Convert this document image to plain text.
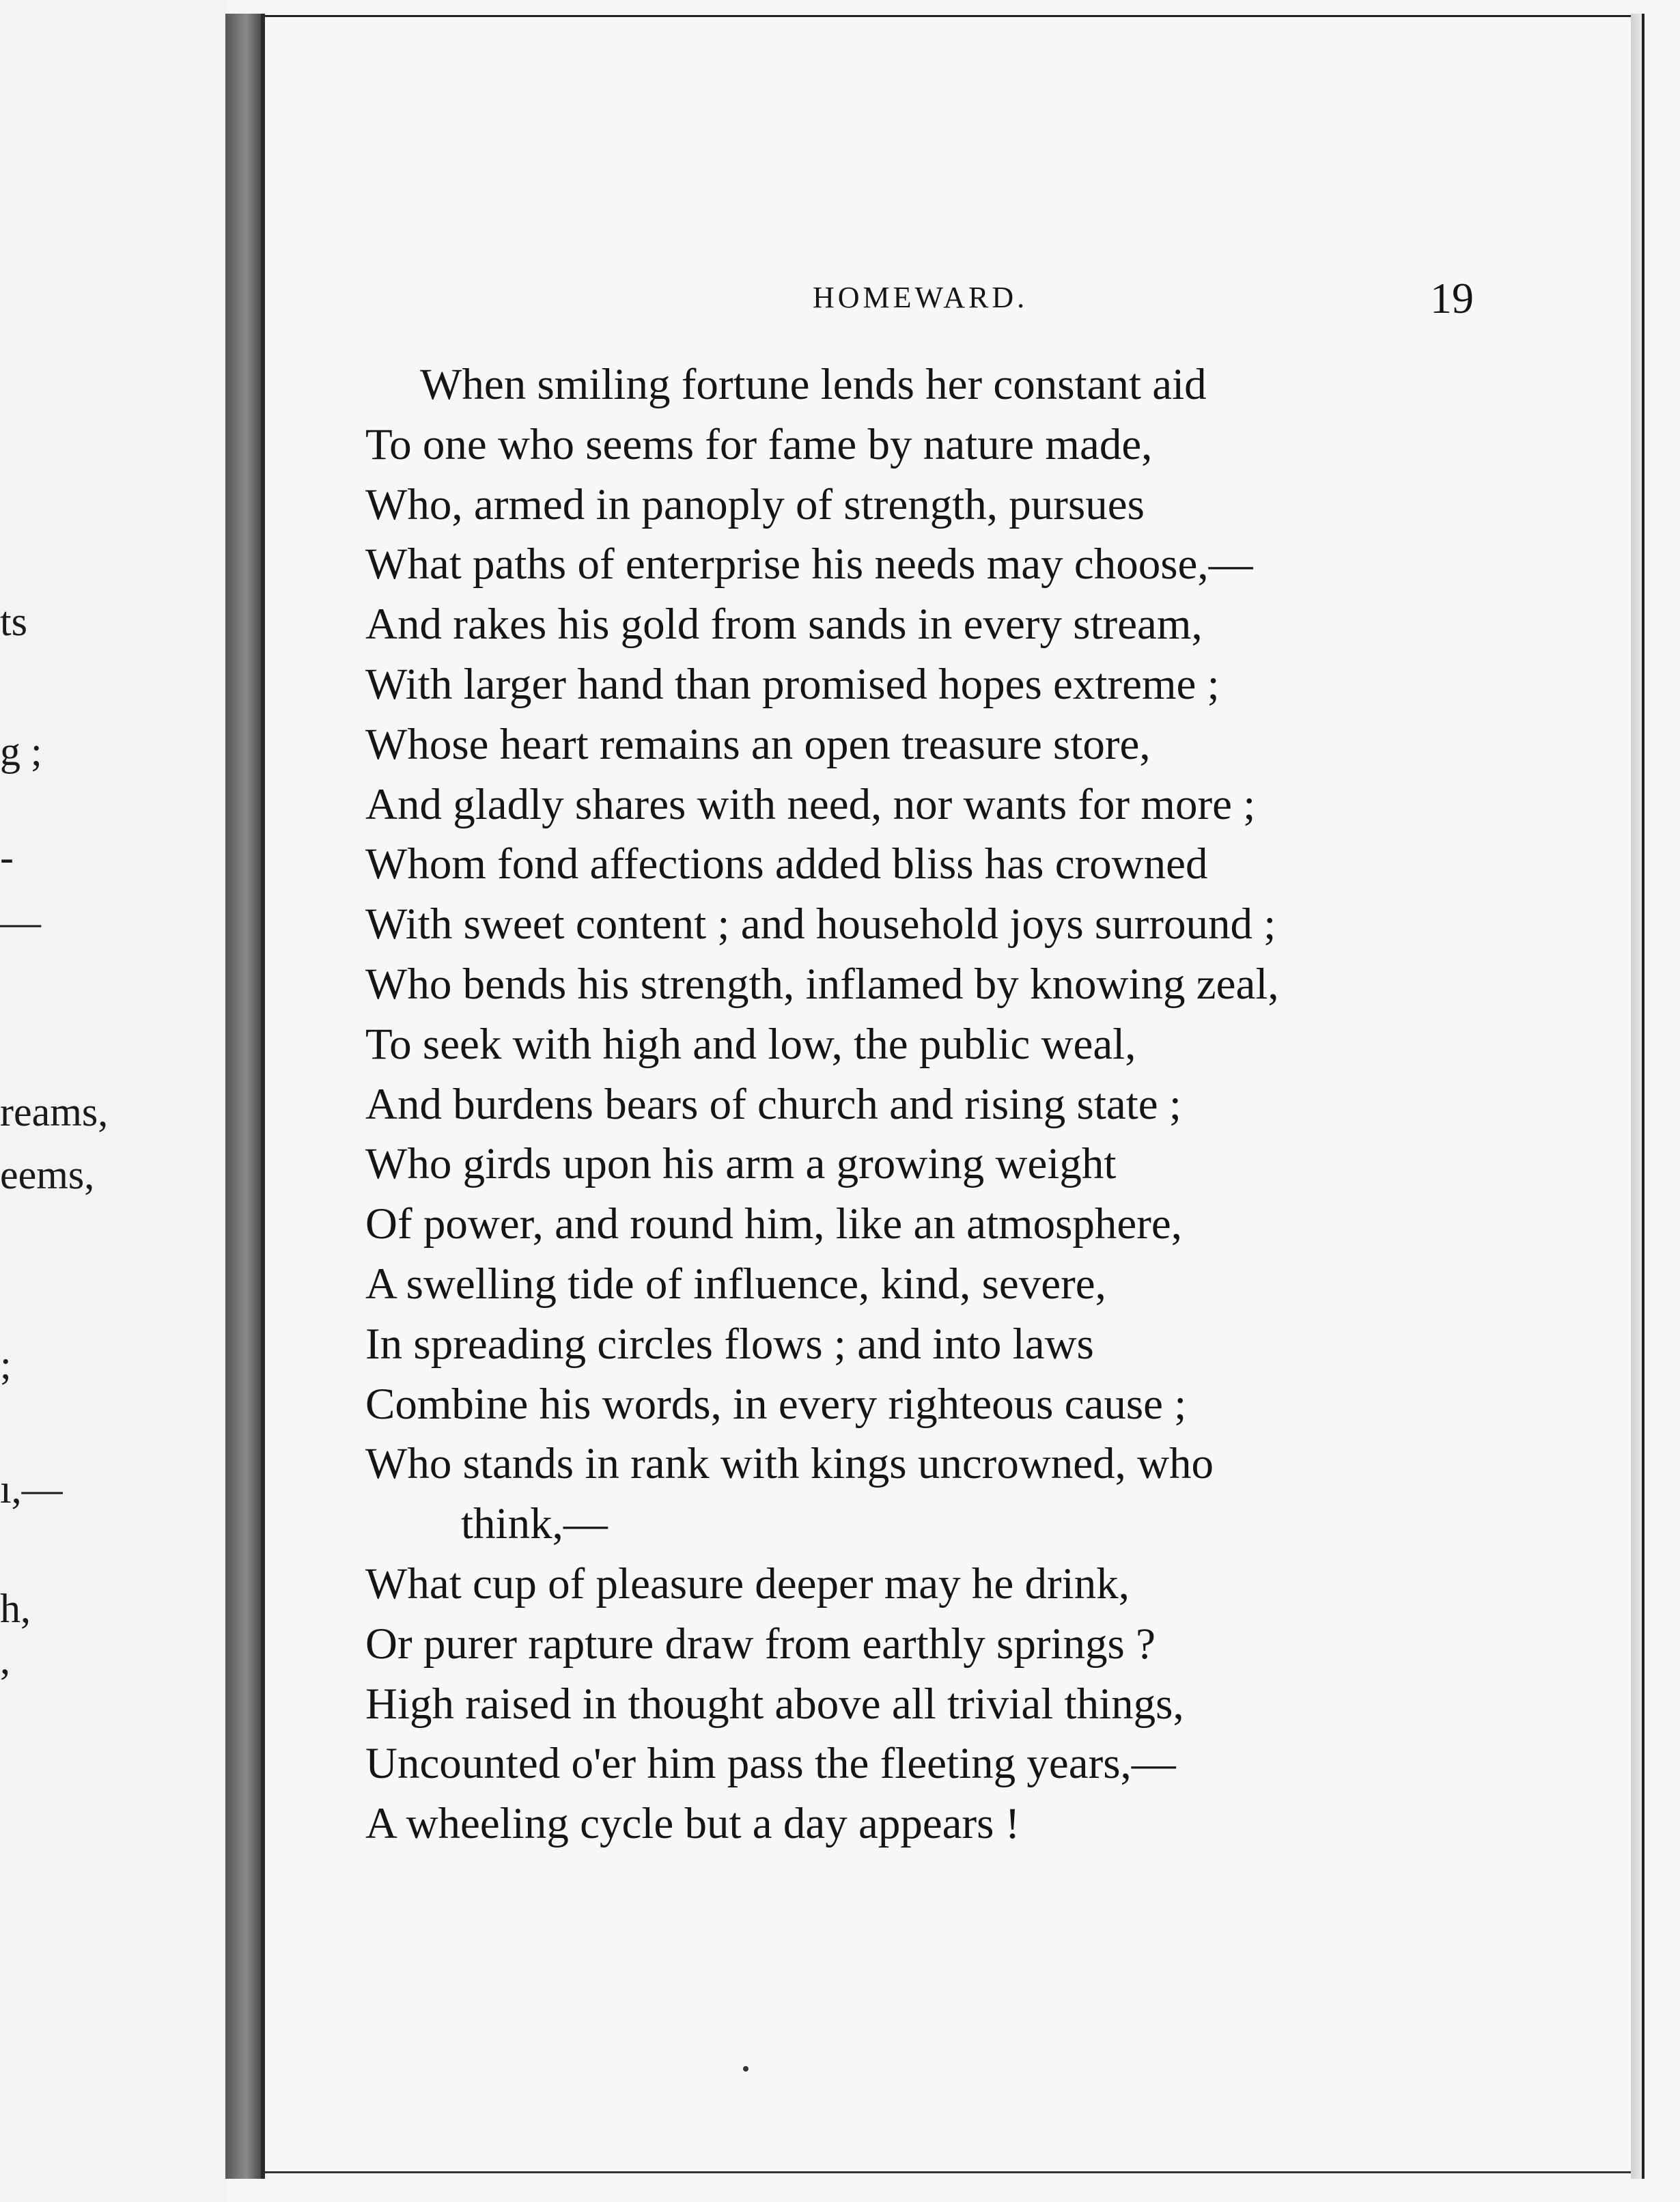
ts
g ;
-
—
reams,
eems,
;
ı,—
h,
,
HOMEWARD.	19
When smiling fortune lends her constant aid
To one who seems for fame by nature made,
Who, armed in panoply of strength, pursues
What paths of enterprise his needs may choose,—
And rakes his gold from sands in every stream,
With larger hand than promised hopes extreme ;
Whose heart remains an open treasure store,
And gladly shares with need, nor wants for more ;
Whom fond affections added bliss has crowned
With sweet content ; and household joys surround ;
Who bends his strength, inflamed by knowing zeal,
To seek with high and low, the public weal,
And burdens bears of church and rising state ;
Who girds upon his arm a growing weight
Of power, and round him, like an atmosphere,
A swelling tide of influence, kind, severe,
In spreading circles flows ; and into laws
Combine his words, in every righteous cause ;
Who stands in rank with kings uncrowned, who
think,—
What cup of pleasure deeper may he drink,
Or purer rapture draw from earthly springs ?
High raised in thought above all trivial things,
Uncounted o'er him pass the fleeting years,—
A wheeling cycle but a day appears !
